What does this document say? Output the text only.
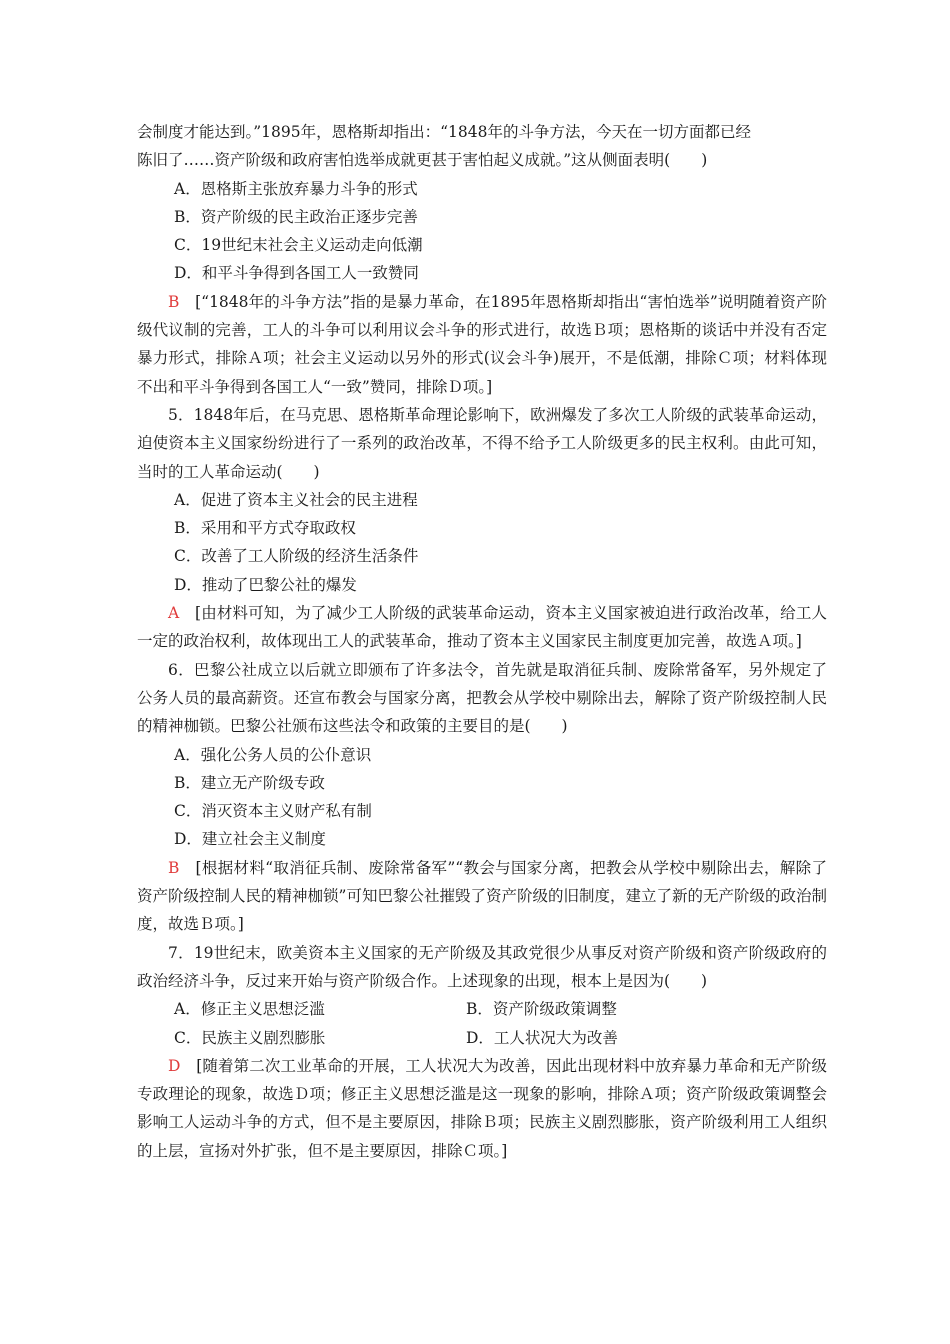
会制度才能达到。”1895年，恩格斯却指出：“1848年的斗争方法，今天在一切方面都已经

陈旧了……资产阶级和政府害怕选举成就更甚于害怕起义成就。”这从侧面表明(　　)

A．恩格斯主张放弃暴力斗争的形式

B．资产阶级的民主政治正逐步完善

C．19世纪末社会主义运动走向低潮

D．和平斗争得到各国工人一致赞同

B　 [“1848年的斗争方法”指的是暴力革命，在1895年恩格斯却指出“害怕选举”说明随着资产阶级代议制的完善，工人的斗争可以利用议会斗争的形式进行，故选Ｂ项；恩格斯的谈话中并没有否定暴力形式，排除Ａ项；社会主义运动以另外的形式(议会斗争)展开，不是低潮，排除Ｃ项；材料体现不出和平斗争得到各国工人“一致”赞同，排除Ｄ项。]

5．1848年后，在马克思、恩格斯革命理论影响下，欧洲爆发了多次工人阶级的武装革命运动，迫使资本主义国家纷纷进行了一系列的政治改革，不得不给予工人阶级更多的民主权利。由此可知，当时的工人革命运动(　　)

A．促进了资本主义社会的民主进程

B．采用和平方式夺取政权

C．改善了工人阶级的经济生活条件

D．推动了巴黎公社的爆发

A　 [由材料可知，为了减少工人阶级的武装革命运动，资本主义国家被迫进行政治改革，给工人一定的政治权利，故体现出工人的武装革命，推动了资本主义国家民主制度更加完善，故选Ａ项。]

6．巴黎公社成立以后就立即颁布了许多法令，首先就是取消征兵制、废除常备军，另外规定了公务人员的最高薪资。还宣布教会与国家分离，把教会从学校中剔除出去，解除了资产阶级控制人民的精神枷锁。巴黎公社颁布这些法令和政策的主要目的是(　　)

A．强化公务人员的公仆意识

B．建立无产阶级专政

C．消灭资本主义财产私有制

D．建立社会主义制度

B　 [根据材料“取消征兵制、废除常备军”“教会与国家分离，把教会从学校中剔除出去，解除了资产阶级控制人民的精神枷锁”可知巴黎公社摧毁了资产阶级的旧制度，建立了新的无产阶级的政治制度，故选Ｂ项。]

7．19世纪末，欧美资本主义国家的无产阶级及其政党很少从事反对资产阶级和资产阶级政府的政治经济斗争，反过来开始与资产阶级合作。上述现象的出现，根本上是因为(　　)

A．修正主义思想泛滥	B．资产阶级政策调整
C．民族主义剧烈膨胀	D．工人状况大为改善

D　 [随着第二次工业革命的开展，工人状况大为改善，因此出现材料中放弃暴力革命和无产阶级专政理论的现象，故选Ｄ项；修正主义思想泛滥是这一现象的影响，排除Ａ项；资产阶级政策调整会影响工人运动斗争的方式，但不是主要原因，排除Ｂ项；民族主义剧烈膨胀，资产阶级利用工人组织的上层，宣扬对外扩张，但不是主要原因，排除Ｃ项。]
